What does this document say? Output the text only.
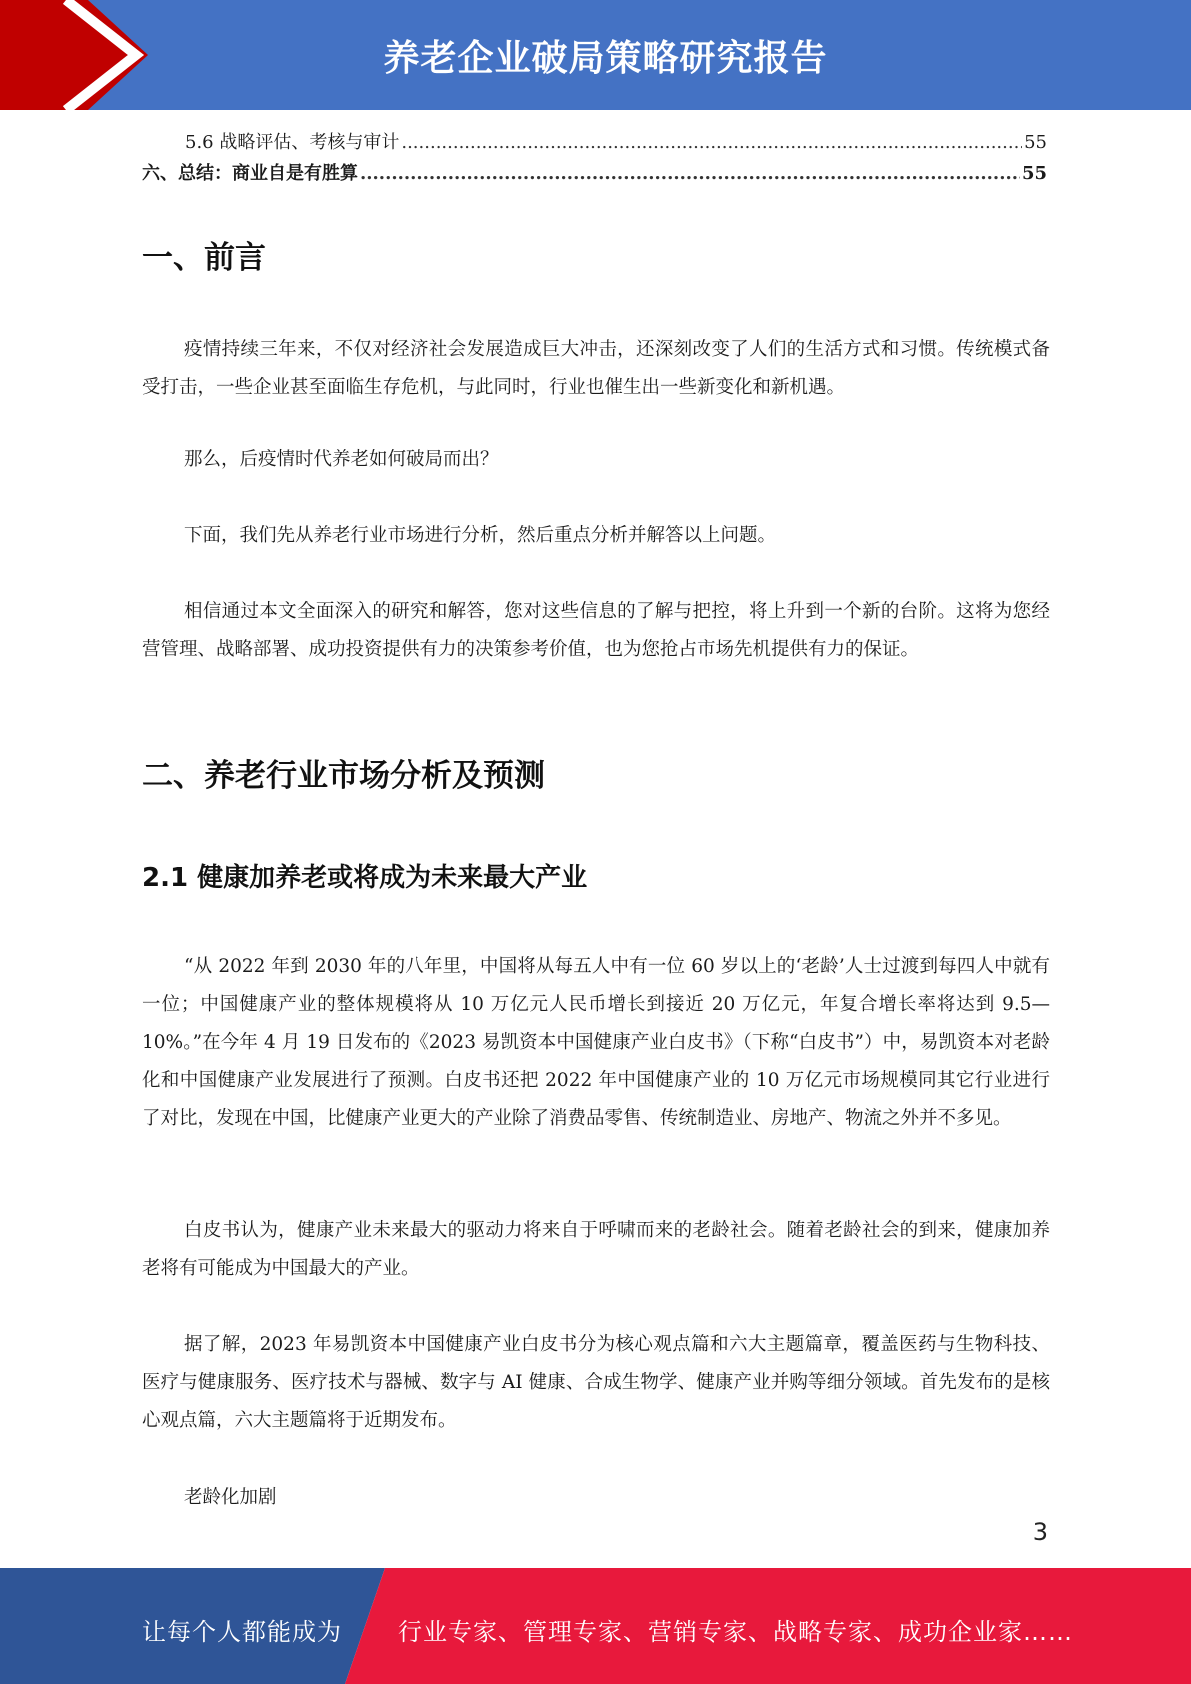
养老企业破局策略研究报告
5.6 战略评估、考核与审计 .....	55
六、总结：商业自是有胜算 .....	55
一、前言

疫情持续三年来，不仅对经济社会发展造成巨大冲击，还深刻改变了人们的生活方式和习惯。传统模式备受打击，一些企业甚至面临生存危机，与此同时，行业也催生出一些新变化和新机遇。

那么，后疫情时代养老如何破局而出？

下面，我们先从养老行业市场进行分析，然后重点分析并解答以上问题。

相信通过本文全面深入的研究和解答，您对这些信息的了解与把控，将上升到一个新的台阶。这将为您经营管理、战略部署、成功投资提供有力的决策参考价值，也为您抢占市场先机提供有力的保证。

二、养老行业市场分析及预测
2.1 健康加养老或将成为未来最大产业

“从 2022 年到 2030 年的八年里，中国将从每五人中有一位 60 岁以上的‘老龄’人士过渡到每四人中就有一位；中国健康产业的整体规模将从 10 万亿元人民币增长到接近 20 万亿元，年复合增长率将达到 9.5—10%。”在今年 4 月 19 日发布的《2023 易凯资本中国健康产业白皮书》（下称“白皮书”）中，易凯资本对老龄化和中国健康产业发展进行了预测。白皮书还把 2022 年中国健康产业的 10 万亿元市场规模同其它行业进行了对比，发现在中国，比健康产业更大的产业除了消费品零售、传统制造业、房地产、物流之外并不多见。

白皮书认为，健康产业未来最大的驱动力将来自于呼啸而来的老龄社会。随着老龄社会的到来，健康加养老将有可能成为中国最大的产业。

据了解，2023 年易凯资本中国健康产业白皮书分为核心观点篇和六大主题篇章，覆盖医药与生物科技、医疗与健康服务、医疗技术与器械、数字与 AI 健康、合成生物学、健康产业并购等细分领域。首先发布的是核心观点篇，六大主题篇将于近期发布。

老龄化加剧

3
让每个人都能成为 行业专家、管理专家、营销专家、战略专家、成功企业家……
